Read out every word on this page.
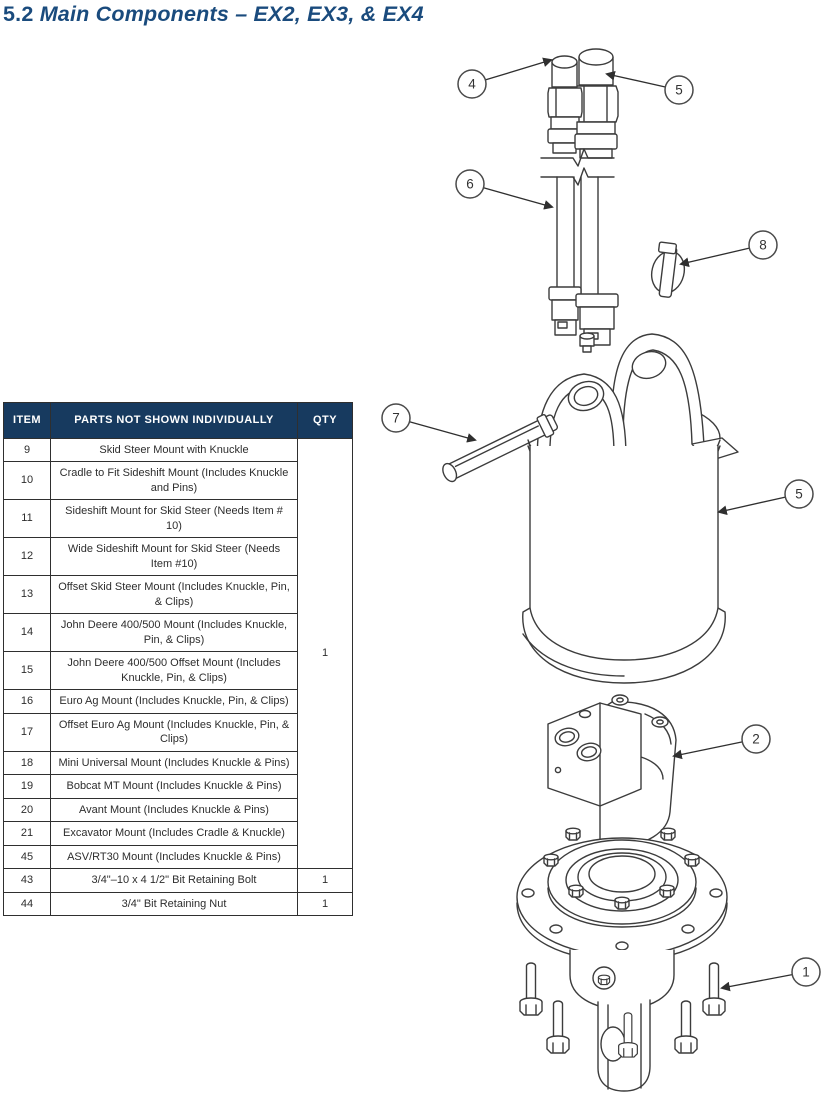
5.2 Main Components – EX2, EX3, & EX4
ITEM	PARTS NOT SHOWN INDIVIDUALLY	QTY
9	Skid Steer Mount with Knuckle	1
10	Cradle to Fit Sideshift Mount (Includes Knuckle and Pins)	
11	Sideshift Mount for Skid Steer (Needs Item # 10)	
12	Wide Sideshift Mount for Skid Steer (Needs Item #10)	
13	Offset Skid Steer Mount (Includes Knuckle, Pin, & Clips)	
14	John Deere 400/500 Mount (Includes Knuckle, Pin, & Clips)	
15	John Deere 400/500 Offset Mount (Includes Knuckle, Pin, & Clips)	
16	Euro Ag Mount (Includes Knuckle, Pin, & Clips)	
17	Offset Euro Ag Mount (Includes Knuckle, Pin, & Clips)	
18	Mini Universal Mount (Includes Knuckle & Pins)	
19	Bobcat MT Mount (Includes Knuckle & Pins)	
20	Avant Mount (Includes Knuckle & Pins)	
21	Excavator Mount (Includes Cradle & Knuckle)	
45	ASV/RT30 Mount (Includes Knuckle & Pins)	
43	3/4"–10 x 4 1/2" Bit Retaining Bolt	1
44	3/4" Bit Retaining Nut	1
4	5
6
8
7
5
2
1
